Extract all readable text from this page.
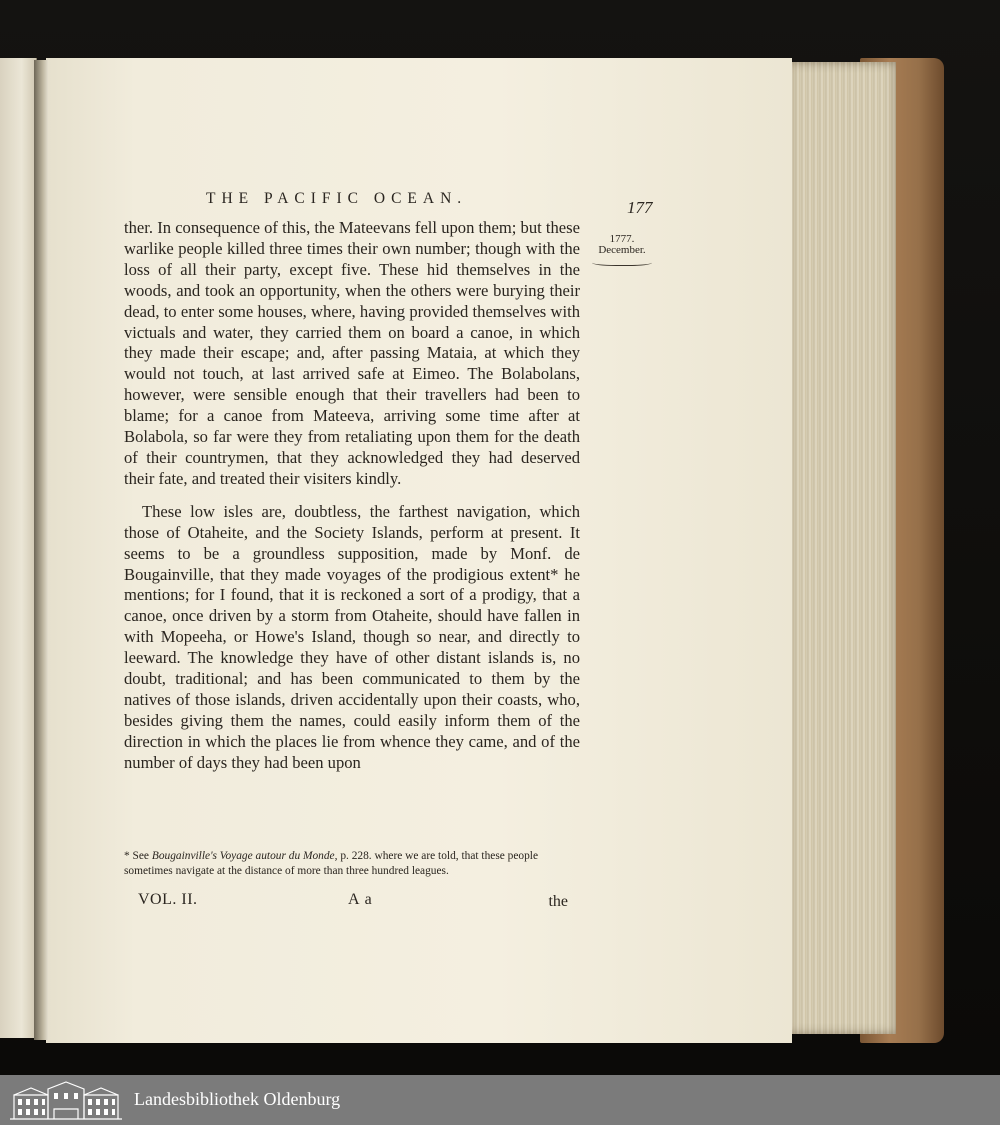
THE PACIFIC OCEAN.	177
1777.
December.

ther. In consequence of this, the Mateevans fell upon them; but these warlike people killed three times their own number; though with the loss of all their party, except five. These hid themselves in the woods, and took an opportunity, when the others were burying their dead, to enter some houses, where, having provided themselves with victuals and water, they carried them on board a canoe, in which they made their escape; and, after passing Mataia, at which they would not touch, at last arrived safe at Eimeo. The Bolabolans, however, were sensible enough that their travellers had been to blame; for a canoe from Mateeva, arriving some time after at Bolabola, so far were they from retaliating upon them for the death of their countrymen, that they acknowledged they had deserved their fate, and treated their visiters kindly.

These low isles are, doubtless, the farthest navigation, which those of Otaheite, and the Society Islands, perform at present. It seems to be a groundless supposition, made by Monf. de Bougainville, that they made voyages of the prodigious extent* he mentions; for I found, that it is reckoned a sort of a prodigy, that a canoe, once driven by a storm from Otaheite, should have fallen in with Mopeeha, or Howe's Island, though so near, and directly to leeward. The knowledge they have of other distant islands is, no doubt, traditional; and has been communicated to them by the natives of those islands, driven accidentally upon their coasts, who, besides giving them the names, could easily inform them of the direction in which the places lie from whence they came, and of the number of days they had been upon

* See Bougainville's Voyage autour du Monde, p. 228. where we are told, that these people sometimes navigate at the distance of more than three hundred leagues.
VOL. II.	A a	the
Landesbibliothek Oldenburg
